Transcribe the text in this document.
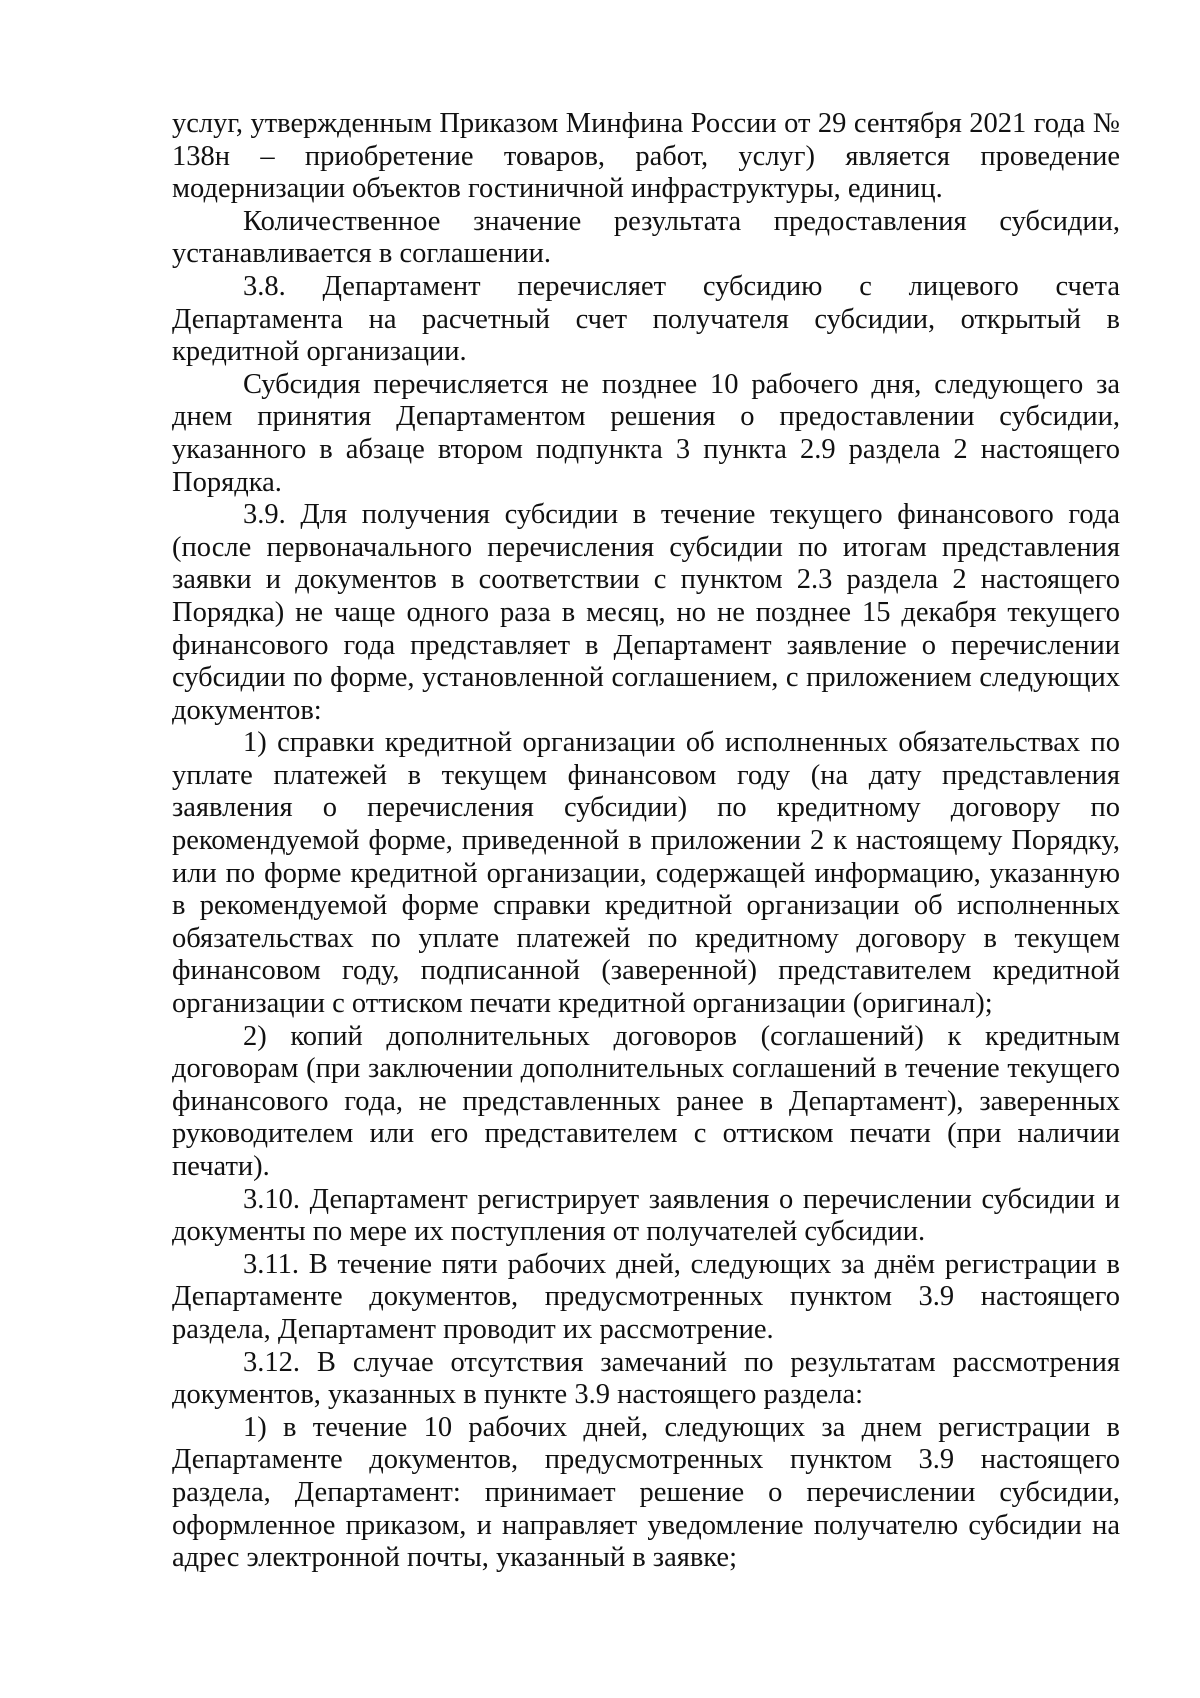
услуг, утвержденным Приказом Минфина России от 29 сентября 2021 года № 138н – приобретение товаров, работ, услуг) является проведение модернизации объектов гостиничной инфраструктуры, единиц.

Количественное значение результата предоставления субсидии, устанавливается в соглашении.

3.8. Департамент перечисляет субсидию с лицевого счета Департамента на расчетный счет получателя субсидии, открытый в кредитной организации.

Субсидия перечисляется не позднее 10 рабочего дня, следующего за днем принятия Департаментом решения о предоставлении субсидии, указанного в абзаце втором подпункта 3 пункта 2.9 раздела 2 настоящего Порядка.

3.9. Для получения субсидии в течение текущего финансового года (после первоначального перечисления субсидии по итогам представления заявки и документов в соответствии с пунктом 2.3 раздела 2 настоящего Порядка) не чаще одного раза в месяц, но не позднее 15 декабря текущего финансового года представляет в Департамент заявление о перечислении субсидии по форме, установленной соглашением, с приложением следующих документов:

1) справки кредитной организации об исполненных обязательствах по уплате платежей в текущем финансовом году (на дату представления заявления о перечисления субсидии) по кредитному договору по рекомендуемой форме, приведенной в приложении 2 к настоящему Порядку, или по форме кредитной организации, содержащей информацию, указанную в рекомендуемой форме справки кредитной организации об исполненных обязательствах по уплате платежей по кредитному договору в текущем финансовом году, подписанной (заверенной) представителем кредитной организации с оттиском печати кредитной организации (оригинал);

2) копий дополнительных договоров (соглашений) к кредитным договорам (при заключении дополнительных соглашений в течение текущего финансового года, не представленных ранее в Департамент), заверенных руководителем или его представителем с оттиском печати (при наличии печати).

3.10. Департамент регистрирует заявления о перечислении субсидии и документы по мере их поступления от получателей субсидии.

3.11. В течение пяти рабочих дней, следующих за днём регистрации в Департаменте документов, предусмотренных пунктом 3.9 настоящего раздела, Департамент проводит их рассмотрение.

3.12. В случае отсутствия замечаний по результатам рассмотрения документов, указанных в пункте 3.9 настоящего раздела:

1) в течение 10 рабочих дней, следующих за днем регистрации в Департаменте документов, предусмотренных пунктом 3.9 настоящего раздела, Департамент: принимает решение о перечислении субсидии, оформленное приказом, и направляет уведомление получателю субсидии на адрес электронной почты, указанный в заявке;
